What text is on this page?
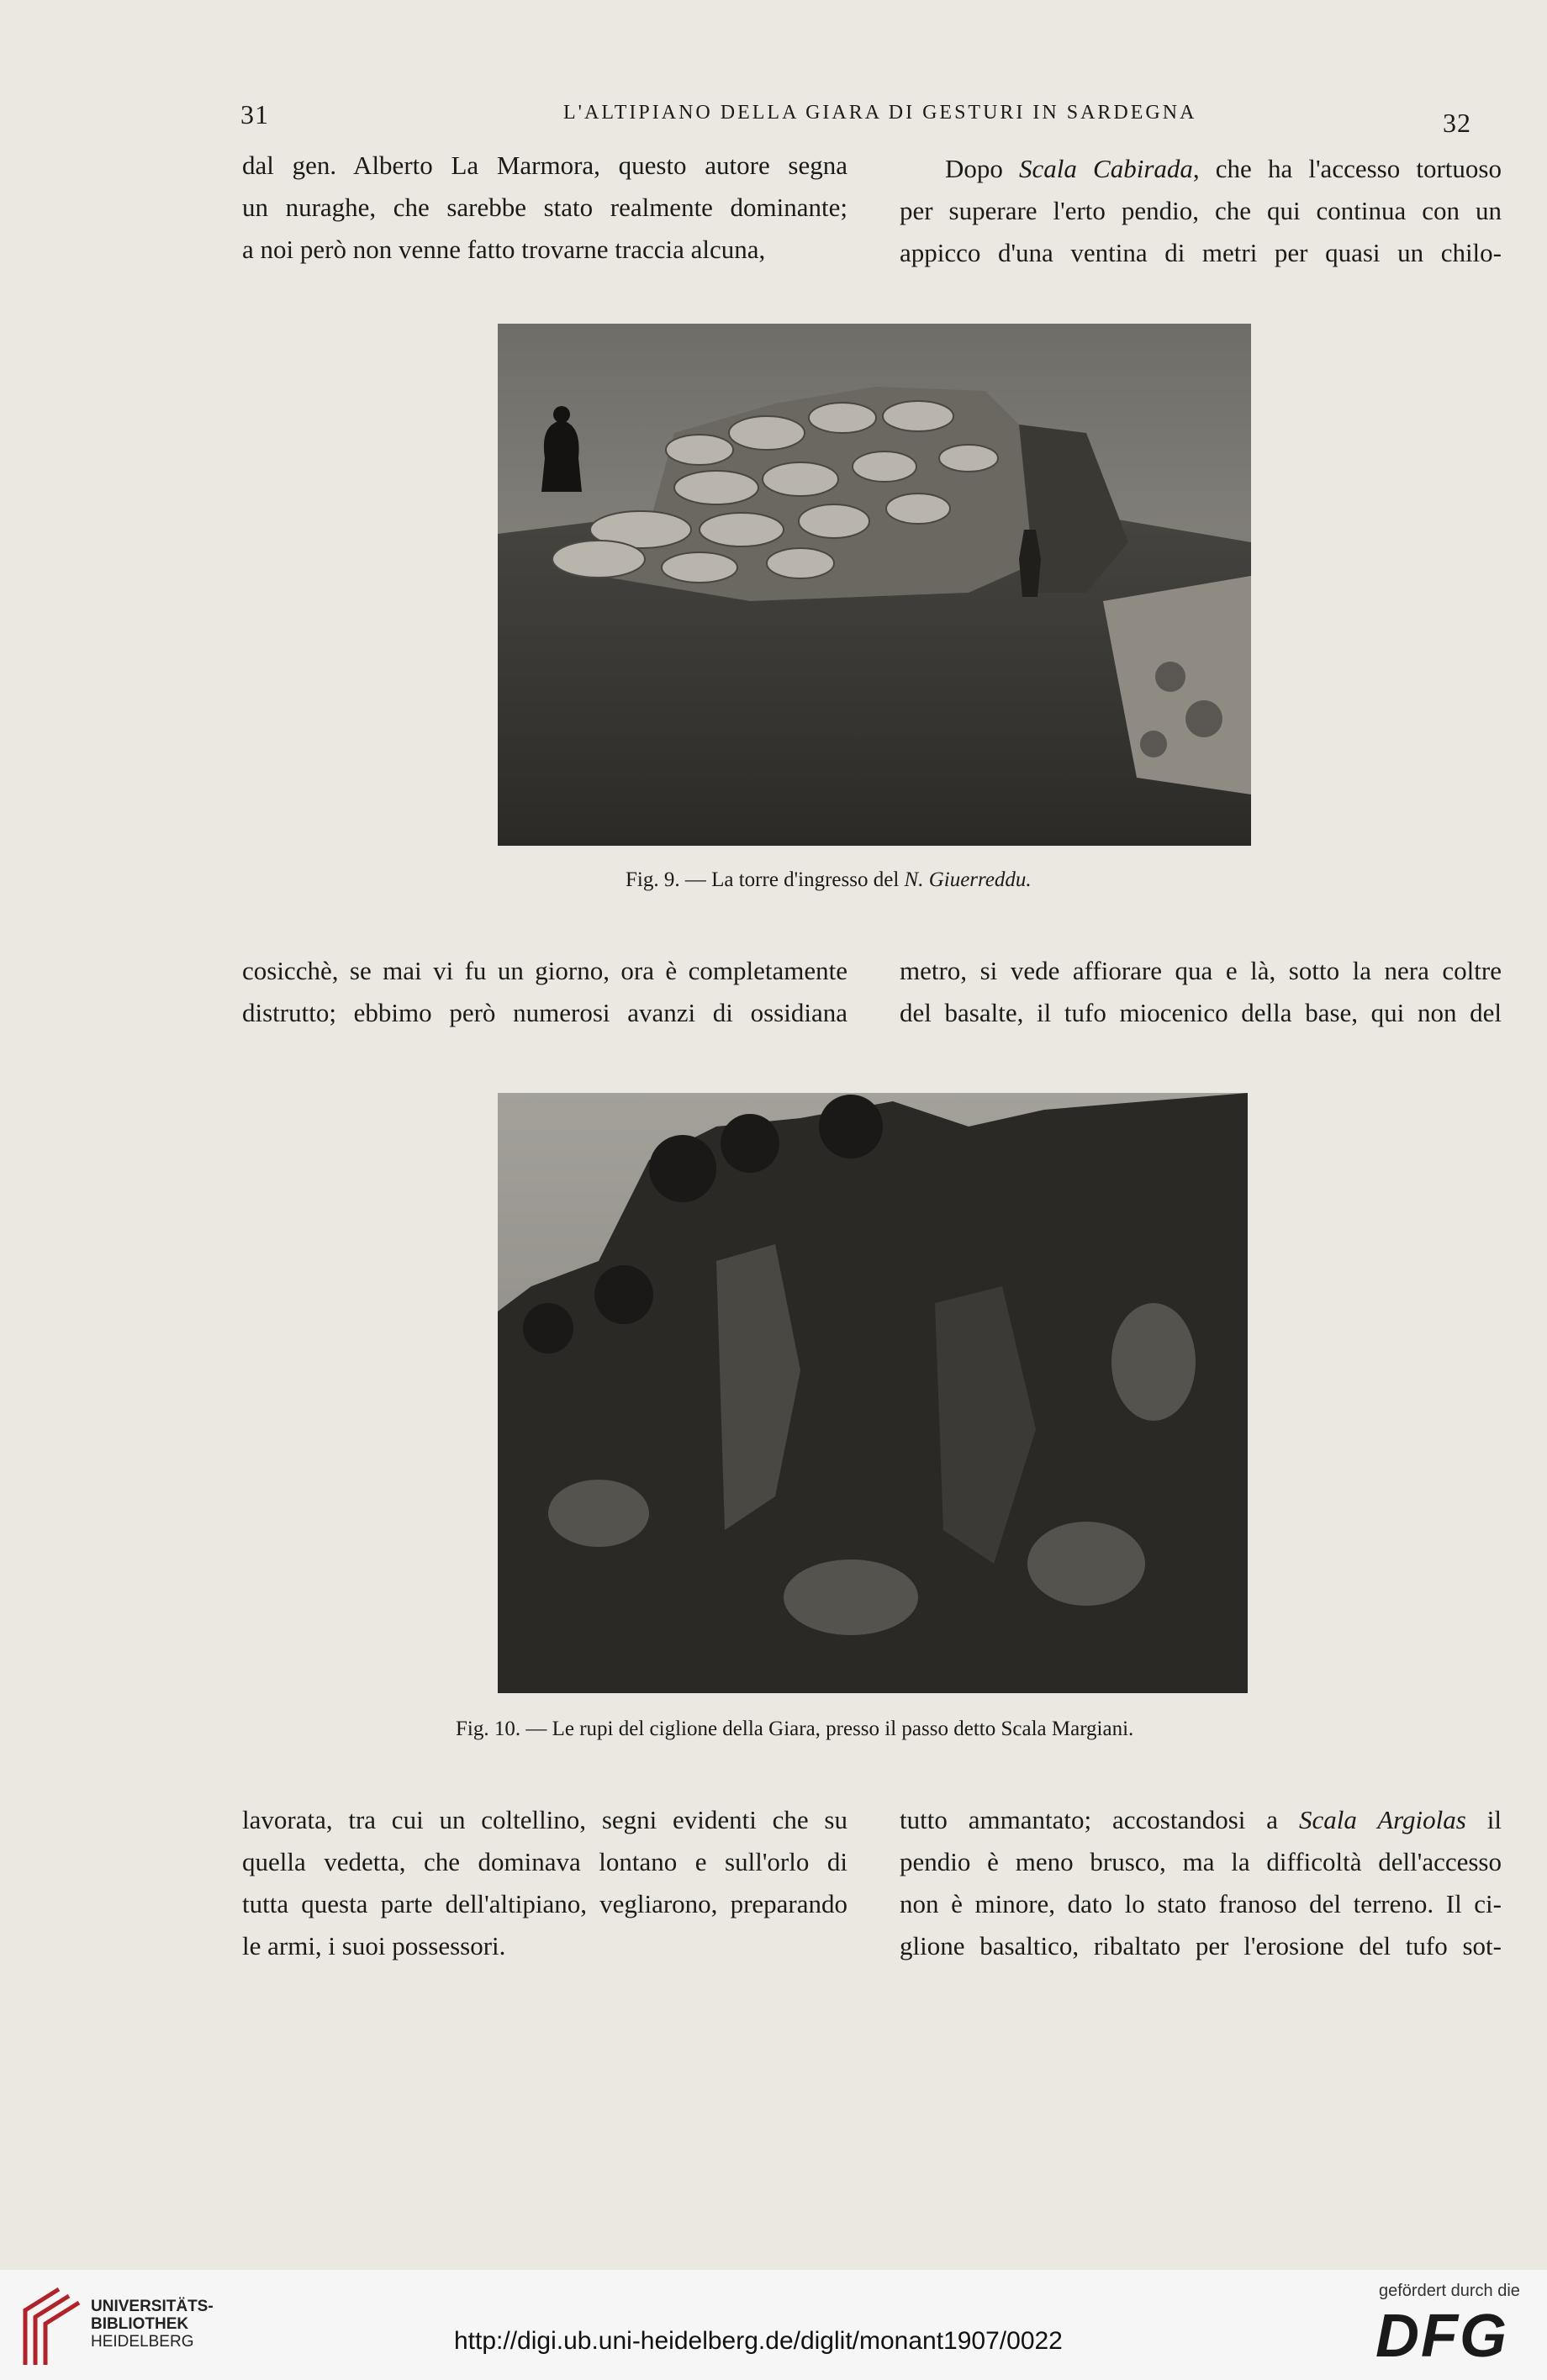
31	L'ALTIPIANO DELLA GIARA DI GESTURI IN SARDEGNA	32

dal gen. Alberto La Marmora, questo autore segna

un nuraghe, che sarebbe stato realmente dominante;

a noi però non venne fatto trovarne traccia alcuna,

Dopo Scala Cabirada, che ha l'accesso tortuoso

per superare l'erto pendio, che qui continua con un

appicco d'una ventina di metri per quasi un chilo-

Fig. 9. — La torre d'ingresso del N. Giuerreddu.

cosicchè, se mai vi fu un giorno, ora è completamente

distrutto; ebbimo però numerosi avanzi di ossidiana

metro, si vede affiorare qua e là, sotto la nera coltre

del basalte, il tufo miocenico della base, qui non del

Fig. 10. — Le rupi del ciglione della Giara, presso il passo detto Scala Margiani.

lavorata, tra cui un coltellino, segni evidenti che su

quella vedetta, che dominava lontano e sull'orlo di

tutta questa parte dell'altipiano, vegliarono, preparando

le armi, i suoi possessori.

tutto ammantato; accostandosi a Scala Argiolas il

pendio è meno brusco, ma la difficoltà dell'accesso

non è minore, dato lo stato franoso del terreno. Il ci-

glione basaltico, ribaltato per l'erosione del tufo sot-

UNIVERSITÄTS-
BIBLIOTHEK
HEIDELBERG	http://digi.ub.uni-heidelberg.de/diglit/monant1907/0022
gefördert durch die
DFG
